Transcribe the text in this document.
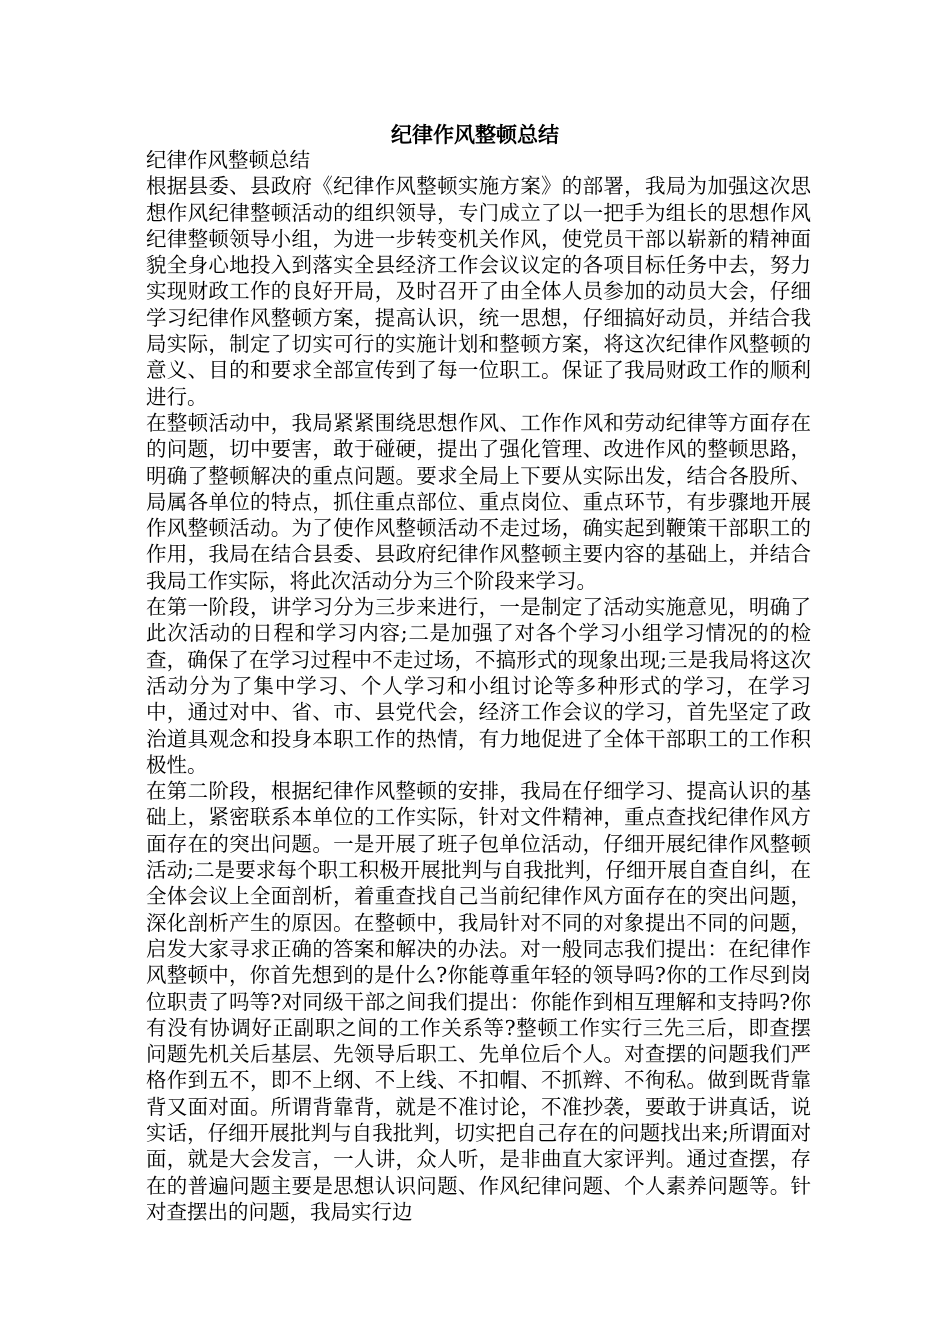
纪律作风整顿总结

纪律作风整顿总结

根据县委、县政府《纪律作风整顿实施方案》的部署，我局为加强这次思想作风纪律整顿活动的组织领导，专门成立了以一把手为组长的思想作风纪律整顿领导小组，为进一步转变机关作风，使党员干部以崭新的精神面貌全身心地投入到落实全县经济工作会议议定的各项目标任务中去，努力实现财政工作的良好开局，及时召开了由全体人员参加的动员大会，仔细学习纪律作风整顿方案，提高认识，统一思想，仔细搞好动员，并结合我局实际，制定了切实可行的实施计划和整顿方案，将这次纪律作风整顿的意义、目的和要求全部宣传到了每一位职工。保证了我局财政工作的顺利进行。

在整顿活动中，我局紧紧围绕思想作风、工作作风和劳动纪律等方面存在的问题，切中要害，敢于碰硬，提出了强化管理、改进作风的整顿思路，明确了整顿解决的重点问题。要求全局上下要从实际出发，结合各股所、局属各单位的特点，抓住重点部位、重点岗位、重点环节，有步骤地开展作风整顿活动。为了使作风整顿活动不走过场，确实起到鞭策干部职工的作用，我局在结合县委、县政府纪律作风整顿主要内容的基础上，并结合我局工作实际，将此次活动分为三个阶段来学习。

在第一阶段，讲学习分为三步来进行，一是制定了活动实施意见，明确了此次活动的日程和学习内容;二是加强了对各个学习小组学习情况的的检查，确保了在学习过程中不走过场，不搞形式的现象出现;三是我局将这次活动分为了集中学习、个人学习和小组讨论等多种形式的学习，在学习中，通过对中、省、市、县党代会，经济工作会议的学习，首先坚定了政治道具观念和投身本职工作的热情，有力地促进了全体干部职工的工作积极性。

在第二阶段，根据纪律作风整顿的安排，我局在仔细学习、提高认识的基础上，紧密联系本单位的工作实际，针对文件精神，重点查找纪律作风方面存在的突出问题。一是开展了班子包单位活动，仔细开展纪律作风整顿活动;二是要求每个职工积极开展批判与自我批判，仔细开展自查自纠，在全体会议上全面剖析，着重查找自己当前纪律作风方面存在的突出问题，深化剖析产生的原因。在整顿中，我局针对不同的对象提出不同的问题，启发大家寻求正确的答案和解决的办法。对一般同志我们提出：在纪律作风整顿中，你首先想到的是什么?你能尊重年轻的领导吗?你的工作尽到岗位职责了吗等?对同级干部之间我们提出：你能作到相互理解和支持吗?你有没有协调好正副职之间的工作关系等?整顿工作实行三先三后，即查摆问题先机关后基层、先领导后职工、先单位后个人。对查摆的问题我们严格作到五不，即不上纲、不上线、不扣帽、不抓辫、不徇私。做到既背靠背又面对面。所谓背靠背，就是不准讨论，不准抄袭，要敢于讲真话，说实话，仔细开展批判与自我批判，切实把自己存在的问题找出来;所谓面对面，就是大会发言，一人讲，众人听，是非曲直大家评判。通过查摆，存在的普遍问题主要是思想认识问题、作风纪律问题、个人素养问题等。针对查摆出的问题，我局实行边
